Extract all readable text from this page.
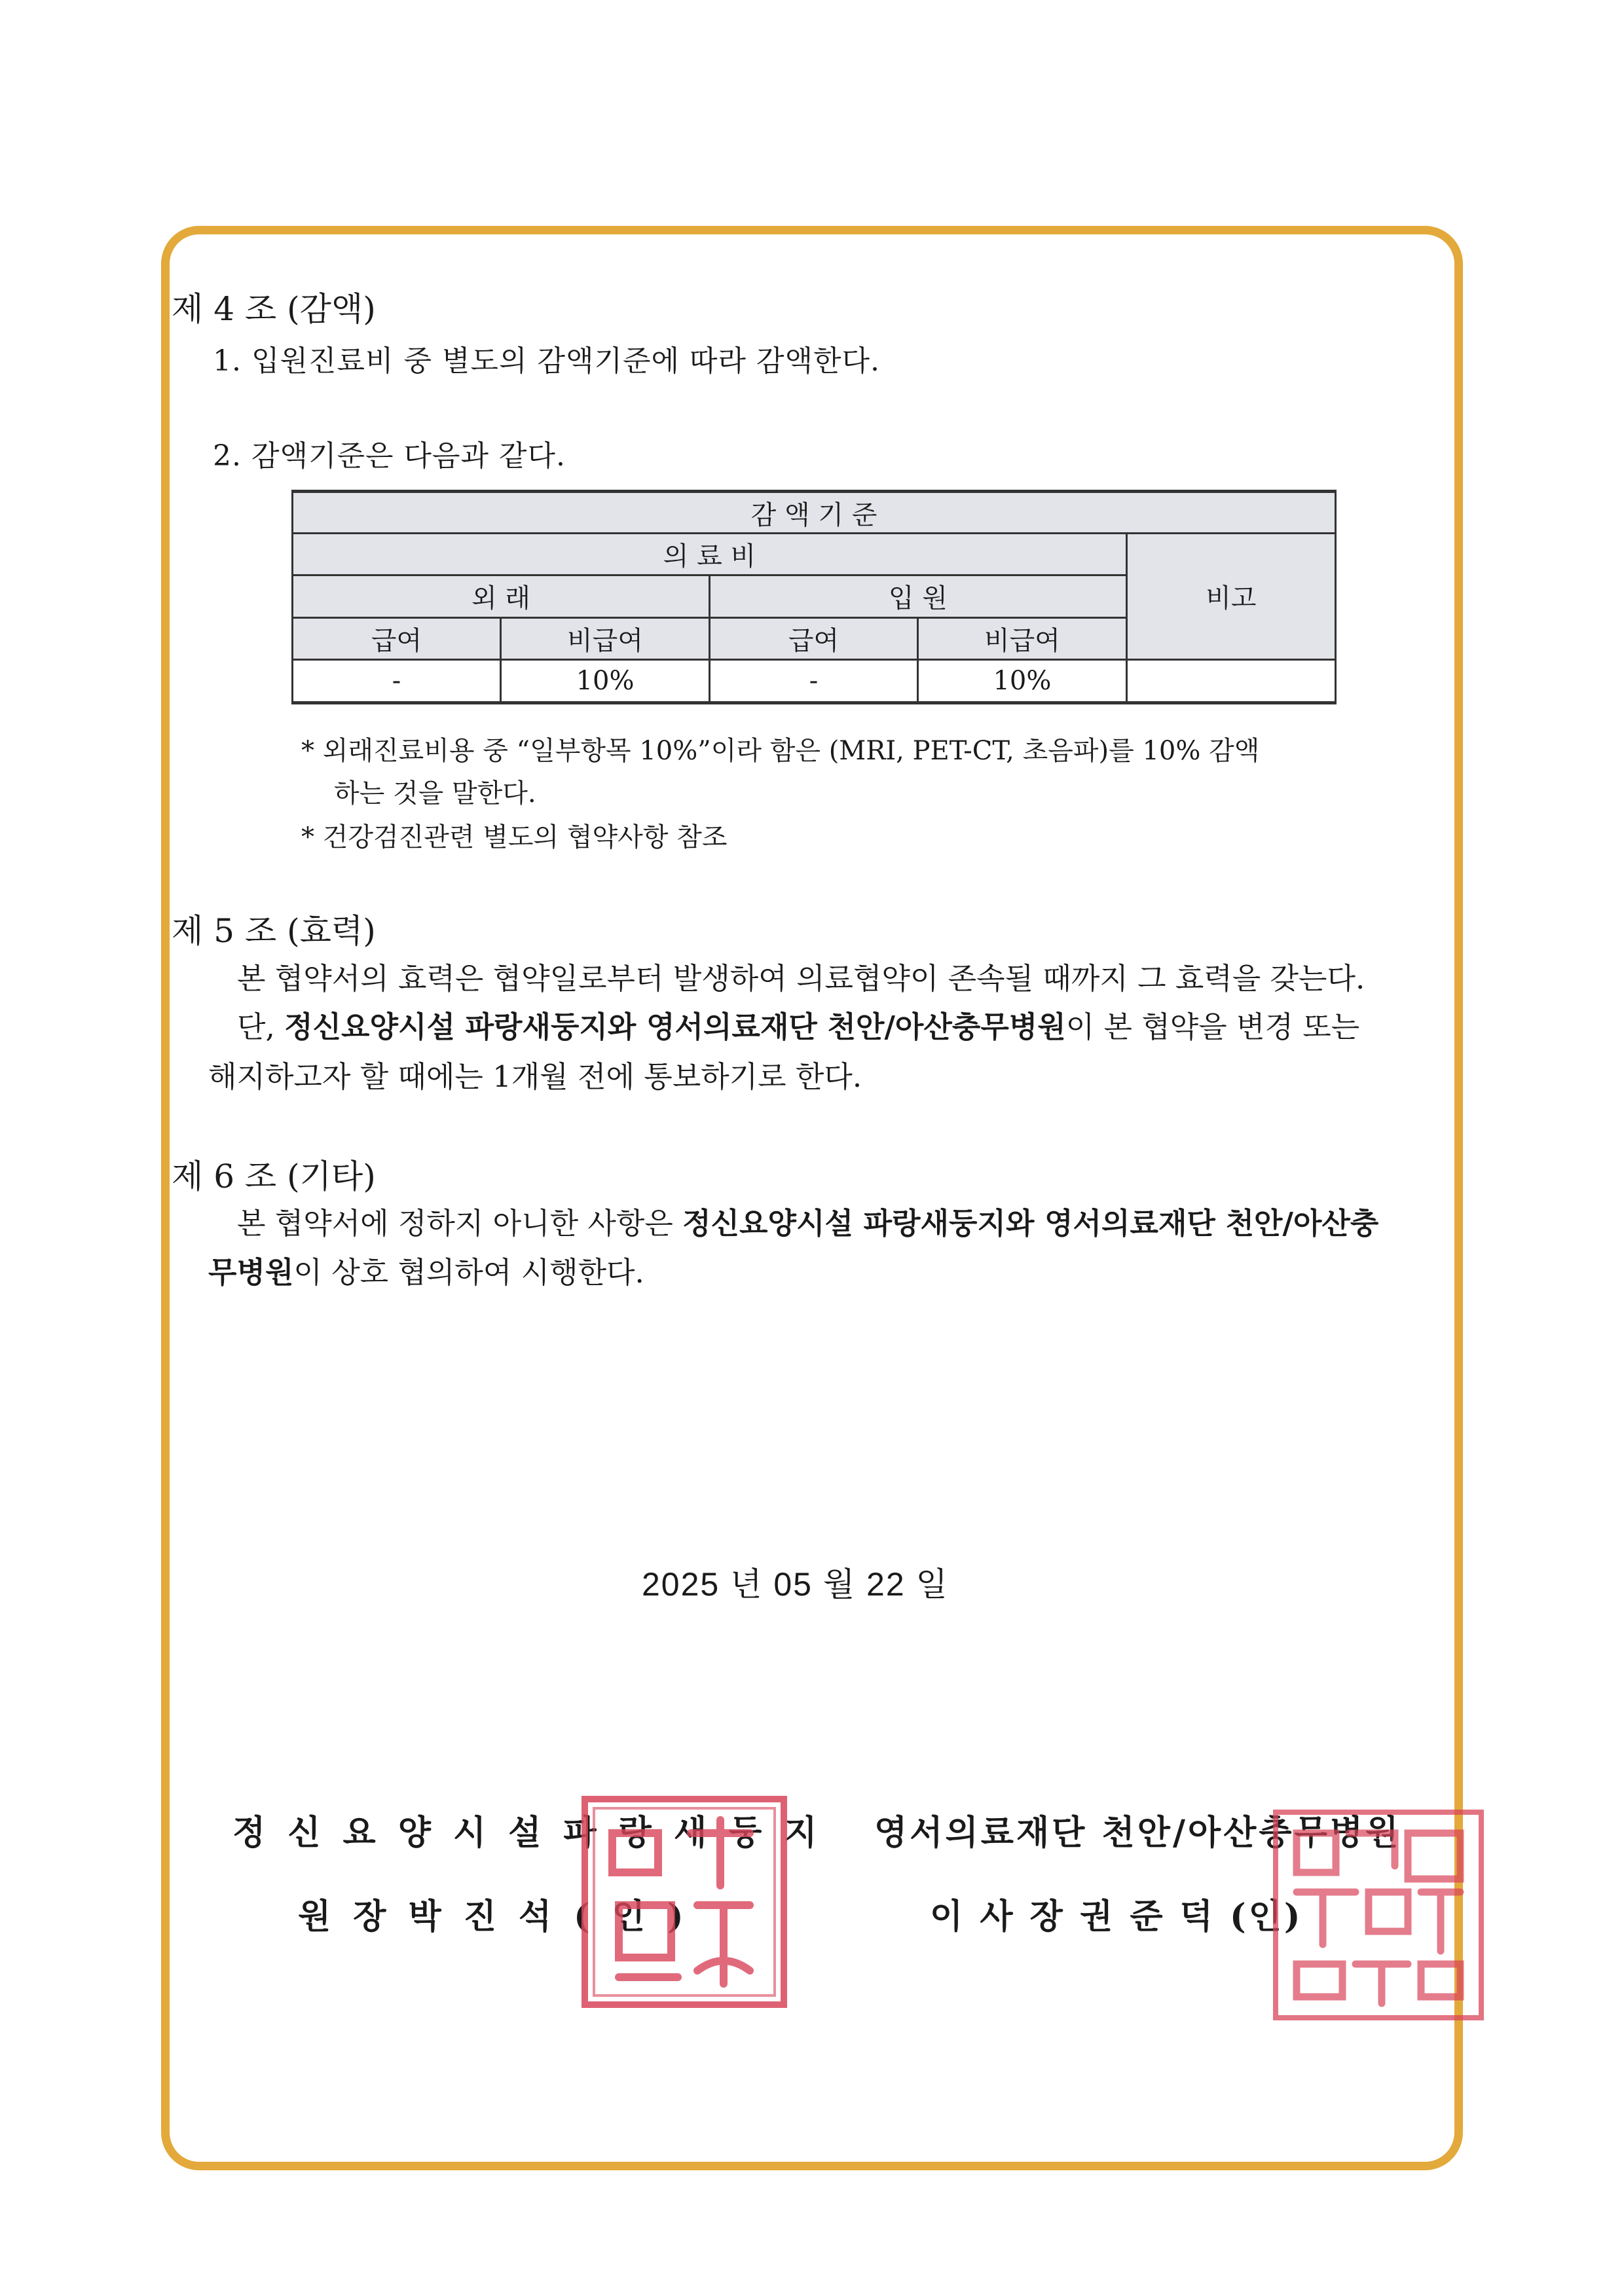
제 4 조 (감액)
1. 입원진료비 중 별도의 감액기준에 따라 감액한다.
2. 감액기준은 다음과 같다.
감 액 기 준				
의 료 비				비고
외 래		입 원		
급여	비급여	급여	비급여	
-	10%	-	10%	
* 외래진료비용 중 “일부항목 10%”이라 함은 (MRI, PET-CT, 초음파)를 10% 감액
하는 것을 말한다.
* 건강검진관련 별도의 협약사항 참조
제 5 조 (효력)
본 협약서의 효력은 협약일로부터 발생하여 의료협약이 존속될 때까지 그 효력을 갖는다.
단, 정신요양시설 파랑새둥지와 영서의료재단 천안/아산충무병원이 본 협약을 변경 또는
해지하고자 할 때에는 1개월 전에 통보하기로 한다.
제 6 조 (기타)
본 협약서에 정하지 아니한 사항은 정신요양시설 파랑새둥지와 영서의료재단 천안/아산충
무병원이 상호 협의하여 시행한다.
2025 년 05 월 22 일
정신요양시설파랑새둥지
원장박진석(인)
영서의료재단 천안/아산충무병원
이 사 장 권 준 덕 (인)
